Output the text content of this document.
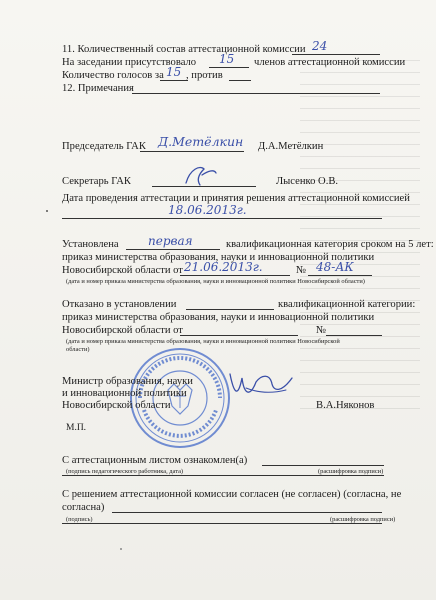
11. Количественный состав аттестационной комиссии 24
На заседании присутствовало 15 членов аттестационной комиссии
Количество голосов за 15 , против
12. Примечания
Председатель ГАК Д.Метёлкин Д.А.Метёлкин
Секретарь ГАК	Лысенко О.В.
Дата проведения аттестации и принятия решения аттестационной комиссией
18.06.2013г.
Установлена первая	квалификационная категория сроком на 5 лет:
приказ министерства образования, науки и инновационной политики
Новосибирской области от 21.06.2013г.	№ 48-АК
(дата и номер приказа министерства образования, науки и инновационной политики Новосибирской области)
Отказано в установлении	квалификационной категории:
приказ министерства образования, науки и инновационной политики
Новосибирской области от	№
(дата и номер приказа министерства образования, науки и инновационной политики Новосибирской
области)
Министр образования, науки
и инновационной политики
Новосибирской области	В.А.Няконов
М.П.
С аттестационным листом ознакомлен(а)
(подпись педагогического работника, дата)	(расшифровка подписи)
С решением аттестационной комиссии согласен (не согласен) (согласна, не
согласна)
(подпись)	(расшифровка подписи)
